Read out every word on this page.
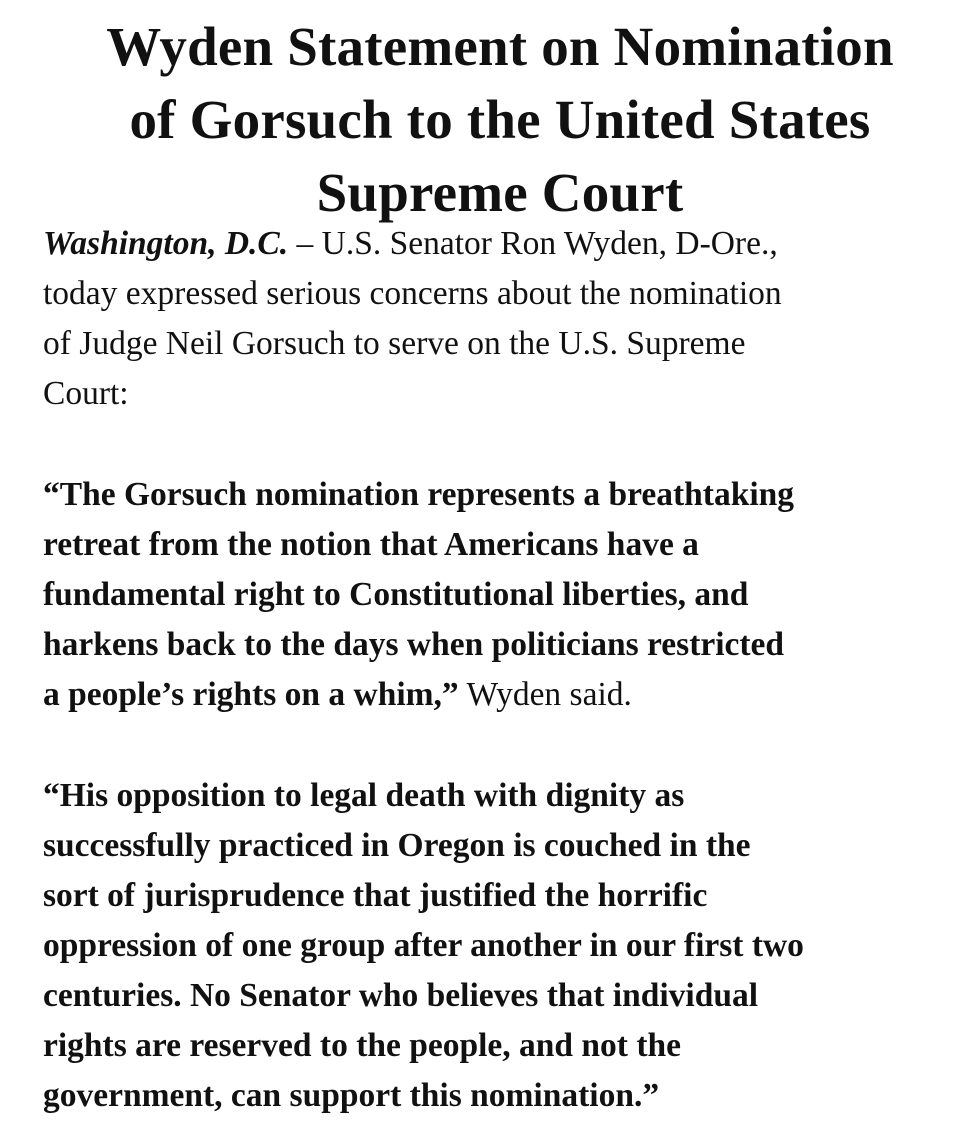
Wyden Statement on Nomination
of Gorsuch to the United States
Supreme Court

Washington, D.C. – U.S. Senator Ron Wyden, D-Ore.,
today expressed serious concerns about the nomination
of Judge Neil Gorsuch to serve on the U.S. Supreme
Court:

“The Gorsuch nomination represents a breathtaking
retreat from the notion that Americans have a
fundamental right to Constitutional liberties, and
harkens back to the days when politicians restricted
a people’s rights on a whim,” Wyden said.

“His opposition to legal death with dignity as
successfully practiced in Oregon is couched in the
sort of jurisprudence that justified the horrific
oppression of one group after another in our first two
centuries. No Senator who believes that individual
rights are reserved to the people, and not the
government, can support this nomination.”
